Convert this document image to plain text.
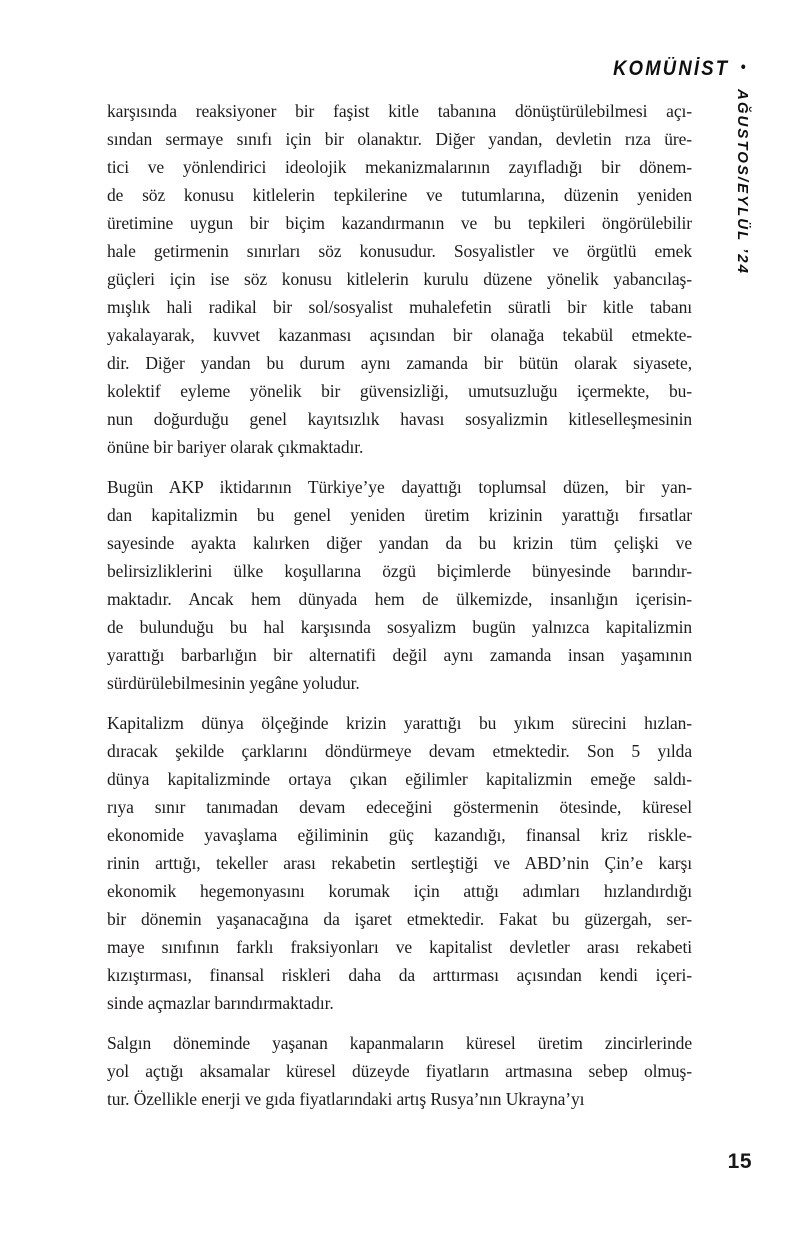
KOMÜNİST •
AĞUSTOS/EYLÜL ’24
karşısında reaksiyoner bir faşist kitle tabanına dönüştürülebilmesi açı-
sından sermaye sınıfı için bir olanaktır. Diğer yandan, devletin rıza üre-
tici ve yönlendirici ideolojik mekanizmalarının zayıfladığı bir dönem-
de söz konusu kitlelerin tepkilerine ve tutumlarına, düzenin yeniden
üretimine uygun bir biçim kazandırmanın ve bu tepkileri öngörülebilir
hale getirmenin sınırları söz konusudur. Sosyalistler ve örgütlü emek
güçleri için ise söz konusu kitlelerin kurulu düzene yönelik yabancılaş-
mışlık hali radikal bir sol/sosyalist muhalefetin süratli bir kitle tabanı
yakalayarak, kuvvet kazanması açısından bir olanağa tekabül etmekte-
dir. Diğer yandan bu durum aynı zamanda bir bütün olarak siyasete,
kolektif eyleme yönelik bir güvensizliği, umutsuzluğu içermekte, bu-
nun doğurduğu genel kayıtsızlık havası sosyalizmin kitleselleşmesinin
önüne bir bariyer olarak çıkmaktadır.
Bugün AKP iktidarının Türkiye’ye dayattığı toplumsal düzen, bir yan-
dan kapitalizmin bu genel yeniden üretim krizinin yarattığı fırsatlar
sayesinde ayakta kalırken diğer yandan da bu krizin tüm çelişki ve
belirsizliklerini ülke koşullarına özgü biçimlerde bünyesinde barındır-
maktadır. Ancak hem dünyada hem de ülkemizde, insanlığın içerisin-
de bulunduğu bu hal karşısında sosyalizm bugün yalnızca kapitalizmin
yarattığı barbarlığın bir alternatifi değil aynı zamanda insan yaşamının
sürdürülebilmesinin yegâne yoludur.
Kapitalizm dünya ölçeğinde krizin yarattığı bu yıkım sürecini hızlan-
dıracak şekilde çarklarını döndürmeye devam etmektedir. Son 5 yılda
dünya kapitalizminde ortaya çıkan eğilimler kapitalizmin emeğe saldı-
rıya sınır tanımadan devam edeceğini göstermenin ötesinde, küresel
ekonomide yavaşlama eğiliminin güç kazandığı, finansal kriz riskle-
rinin arttığı, tekeller arası rekabetin sertleştiği ve ABD’nin Çin’e karşı
ekonomik hegemonyasını korumak için attığı adımları hızlandırdığı
bir dönemin yaşanacağına da işaret etmektedir. Fakat bu güzergah, ser-
maye sınıfının farklı fraksiyonları ve kapitalist devletler arası rekabeti
kızıştırması, finansal riskleri daha da arttırması açısından kendi içeri-
sinde açmazlar barındırmaktadır.
Salgın döneminde yaşanan kapanmaların küresel üretim zincirlerinde
yol açtığı aksamalar küresel düzeyde fiyatların artmasına sebep olmuş-
tur. Özellikle enerji ve gıda fiyatlarındaki artış Rusya’nın Ukrayna’yı
15
